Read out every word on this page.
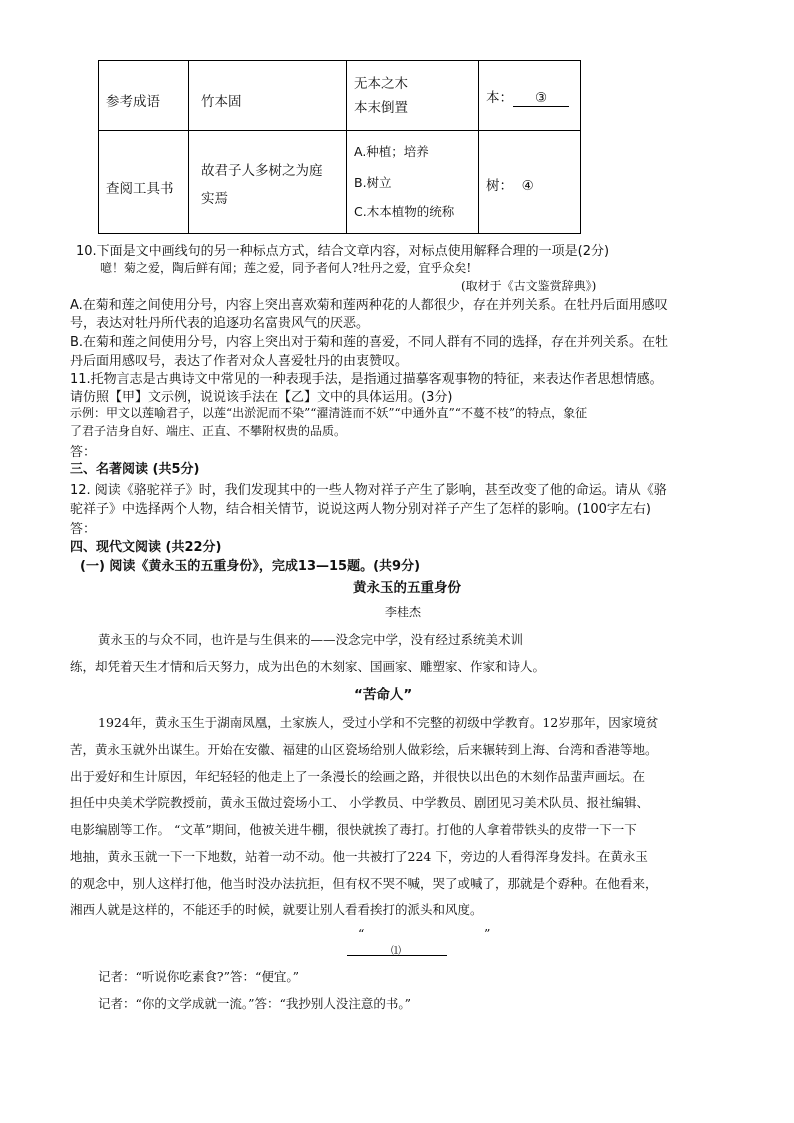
参考成语	竹本固
无本之木
本末倒置
本： ③
查阅工具书
故君子人多树之为庭
实焉
A.种植；培养
B.树立
C.木本植物的统称
树： ④
10.下面是文中画线句的另一种标点方式，结合文章内容，对标点使用解释合理的一项是(2分)
噫！菊之爱，陶后鲜有闻；莲之爱，同予者何人?牡丹之爱，宜乎众矣!
(取材于《古文鉴赏辞典》)
A.在菊和莲之间使用分号，内容上突出喜欢菊和莲两种花的人都很少，存在并列关系。在牡丹后面用感叹
号，表达对牡丹所代表的追逐功名富贵风气的厌恶。
B.在菊和莲之间使用分号，内容上突出对于菊和莲的喜爱，不同人群有不同的选择，存在并列关系。在牡
丹后面用感叹号，表达了作者对众人喜爱牡丹的由衷赞叹。
11.托物言志是古典诗文中常见的一种表现手法，是指通过描摹客观事物的特征，来表达作者思想情感。
请仿照【甲】文示例，说说该手法在【乙】文中的具体运用。(3分)
示例：甲文以莲喻君子，以莲“出淤泥而不染”“濯清涟而不妖”“中通外直”“不蔓不枝”的特点，象征
了君子洁身自好、端庄、正直、不攀附权贵的品质。
答：
三、名著阅读 (共5分)
12. 阅读《骆驼祥子》时，我们发现其中的一些人物对祥子产生了影响，甚至改变了他的命运。请从《骆
驼祥子》中选择两个人物，结合相关情节，说说这两人物分别对祥子产生了怎样的影响。(100字左右)
答：
四、现代文阅读 (共22分)
(一) 阅读《黄永玉的五重身份》，完成13—15题。(共9分)
黄永玉的五重身份
李桂杰
黄永玉的与众不同，也许是与生俱来的——没念完中学，没有经过系统美术训
练，却凭着天生才情和后天努力，成为出色的木刻家、国画家、雕塑家、作家和诗人。
“苦命人”
1924年，黄永玉生于湖南凤凰，土家族人，受过小学和不完整的初级中学教育。12岁那年，因家境贫
苦，黄永玉就外出谋生。开始在安徽、福建的山区瓷场给别人做彩绘，后来辗转到上海、台湾和香港等地。
出于爱好和生计原因，年纪轻轻的他走上了一条漫长的绘画之路，并很快以出色的木刻作品蜚声画坛。在
担任中央美术学院教授前，黄永玉做过瓷场小工、 小学教员、中学教员、剧团见习美术队员、报社编辑、
电影编剧等工作。 “文革”期间，他被关进牛棚，很快就挨了毒打。打他的人拿着带铁头的皮带一下一下
地抽，黄永玉就一下一下地数，站着一动不动。他一共被打了224 下，旁边的人看得浑身发抖。在黄永玉
的观念中，别人这样打他，他当时没办法抗拒，但有权不哭不喊，哭了或喊了，那就是个孬种。在他看来，
湘西人就是这样的，不能还手的时候，就要让别人看看挨打的派头和风度。
“	”
⑴
记者：“听说你吃素食?”答：“便宜。”
记者：“你的文学成就一流。”答：“我抄别人没注意的书。”
